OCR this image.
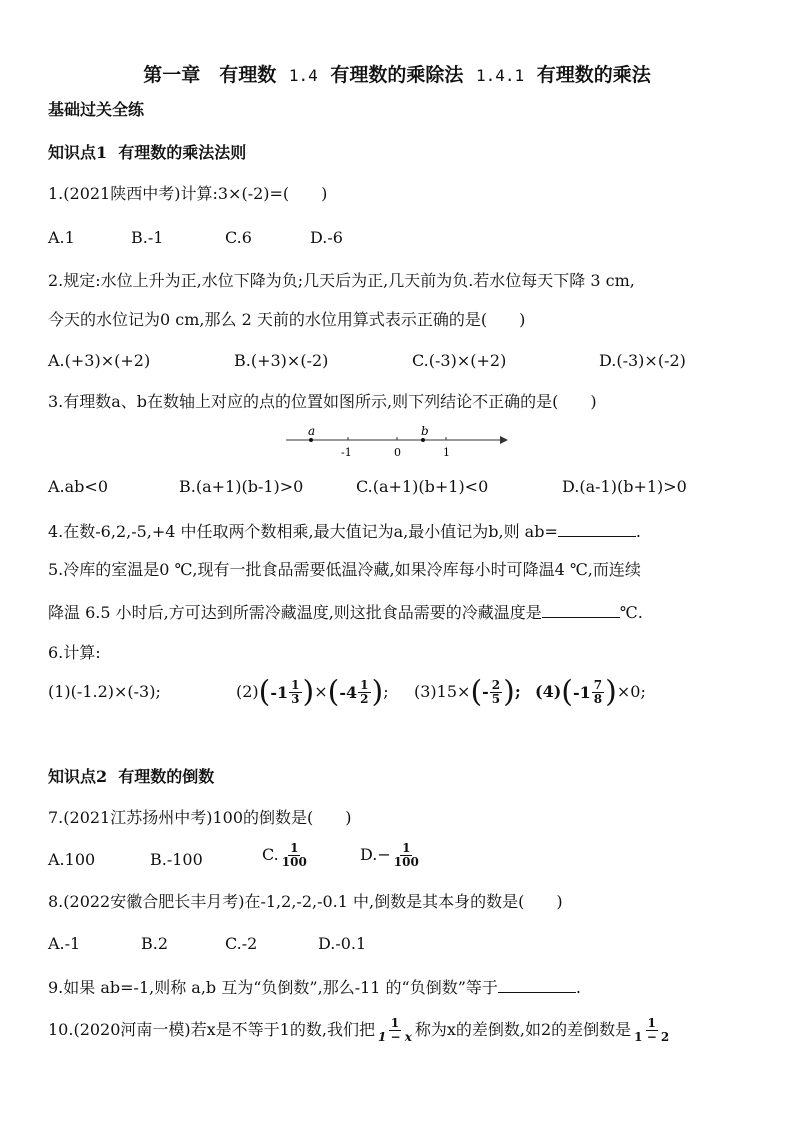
第一章　有理数 1.4 有理数的乘除法 1.4.1 有理数的乘法
基础过关全练
知识点1 有理数的乘法法则
1.(2021陕西中考)计算:3×(-2)=(　　)
A.1	B.-1	C.6	D.-6
2.规定:水位上升为正,水位下降为负;几天后为正,几天前为负.若水位每天下降 3 cm,
今天的水位记为0 cm,那么 2 天前的水位用算式表示正确的是(　　)
A.(+3)×(+2)	B.(+3)×(-2)	C.(-3)×(+2)	D.(-3)×(-2)
3.有理数a、b在数轴上对应的点的位置如图所示,则下列结论不正确的是(　　)
a	b
-1	0	1
A.ab<0	B.(a+1)(b-1)>0	C.(a+1)(b+1)<0	D.(a-1)(b+1)>0
4.在数-6,2,-5,+4 中任取两个数相乘,最大值记为a,最小值记为b,则 ab=	.
5.冷库的室温是0 ℃,现有一批食品需要低温冷藏,如果冷库每小时可降温4 ℃,而连续
降温 6.5 小时后,方可达到所需冷藏温度,则这批食品需要的冷藏温度是	℃.
6.计算:
(1)(-1.2)×(-3);	(2)( $-1 \frac{1}{3}$ )×( $-4 \frac{1}{2}$ ); $(3)15\times(- \frac{2}{5}$ ); (4)( $-1 \frac{7}{8} )\times 0$;
知识点2 有理数的倒数
7.(2021江苏扬州中考)100的倒数是(　　)
A.100	B.-100	C. $\frac{1}{100}$	$D.- \frac{1}{100}$
8.(2022安徽合肥长丰月考)在-1,2,-2,-0.1 中,倒数是其本身的数是(　　)
A.-1	B.2	C.-2	D.-0.1
9.如果 ab=-1,则称 a,b 互为“负倒数”,那么-11 的“负倒数”等于	.
10.(2020河南一模)若x是不等于1的数,我们把 $\frac{1}{1 - x}$ 称为x的差倒数,如2的差倒数是 $\frac{1}{1 - 2}$
